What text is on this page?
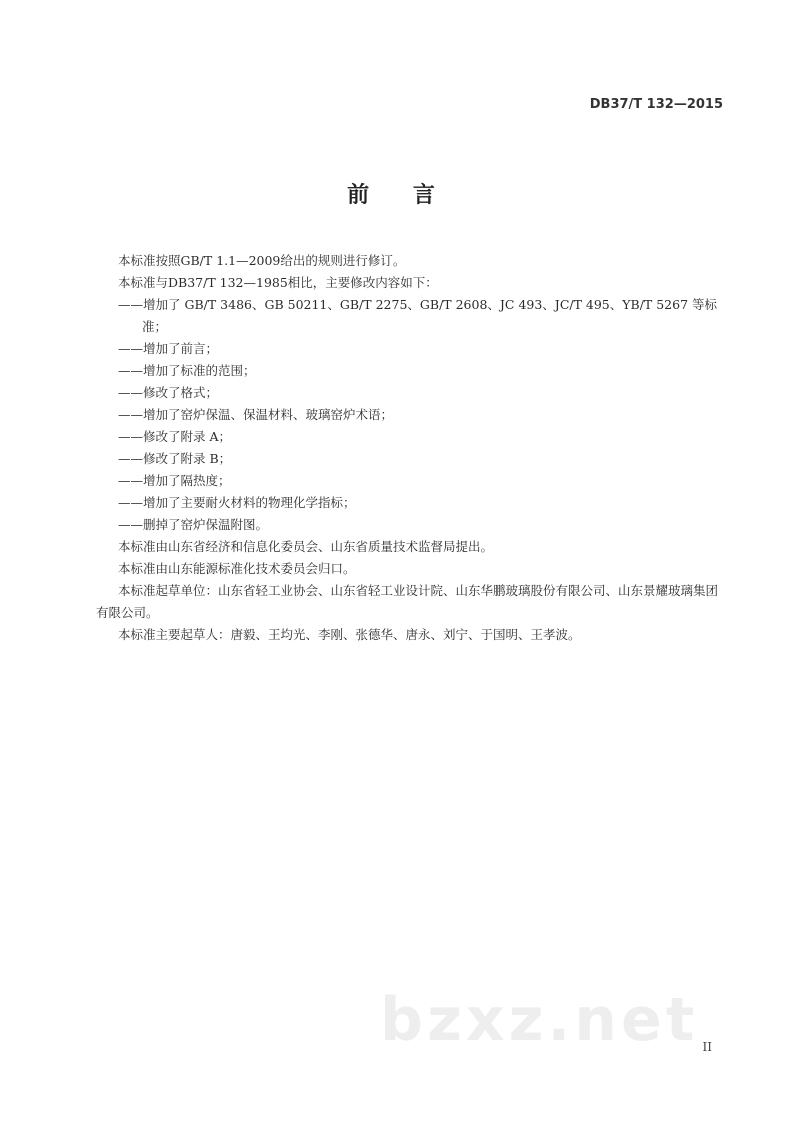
DB37/T 132—2015
前 言

本标准按照GB/T 1.1—2009给出的规则进行修订。

本标准与DB37/T 132—1985相比，主要修改内容如下：

——增加了 GB/T 3486、GB 50211、GB/T 2275、GB/T 2608、JC 493、JC/T 495、YB/T 5267 等标准；

——增加了前言；

——增加了标准的范围；

——修改了格式；

——增加了窑炉保温、保温材料、玻璃窑炉术语；

——修改了附录 A；

——修改了附录 B；

——增加了隔热度；

——增加了主要耐火材料的物理化学指标；

——删掉了窑炉保温附图。

本标准由山东省经济和信息化委员会、山东省质量技术监督局提出。

本标准由山东能源标准化技术委员会归口。

本标准起草单位：山东省轻工业协会、山东省轻工业设计院、山东华鹏玻璃股份有限公司、山东景耀玻璃集团有限公司。

本标准主要起草人：唐毅、王均光、李刚、张德华、唐永、刘宁、于国明、王孝波。

bzxz.net II
